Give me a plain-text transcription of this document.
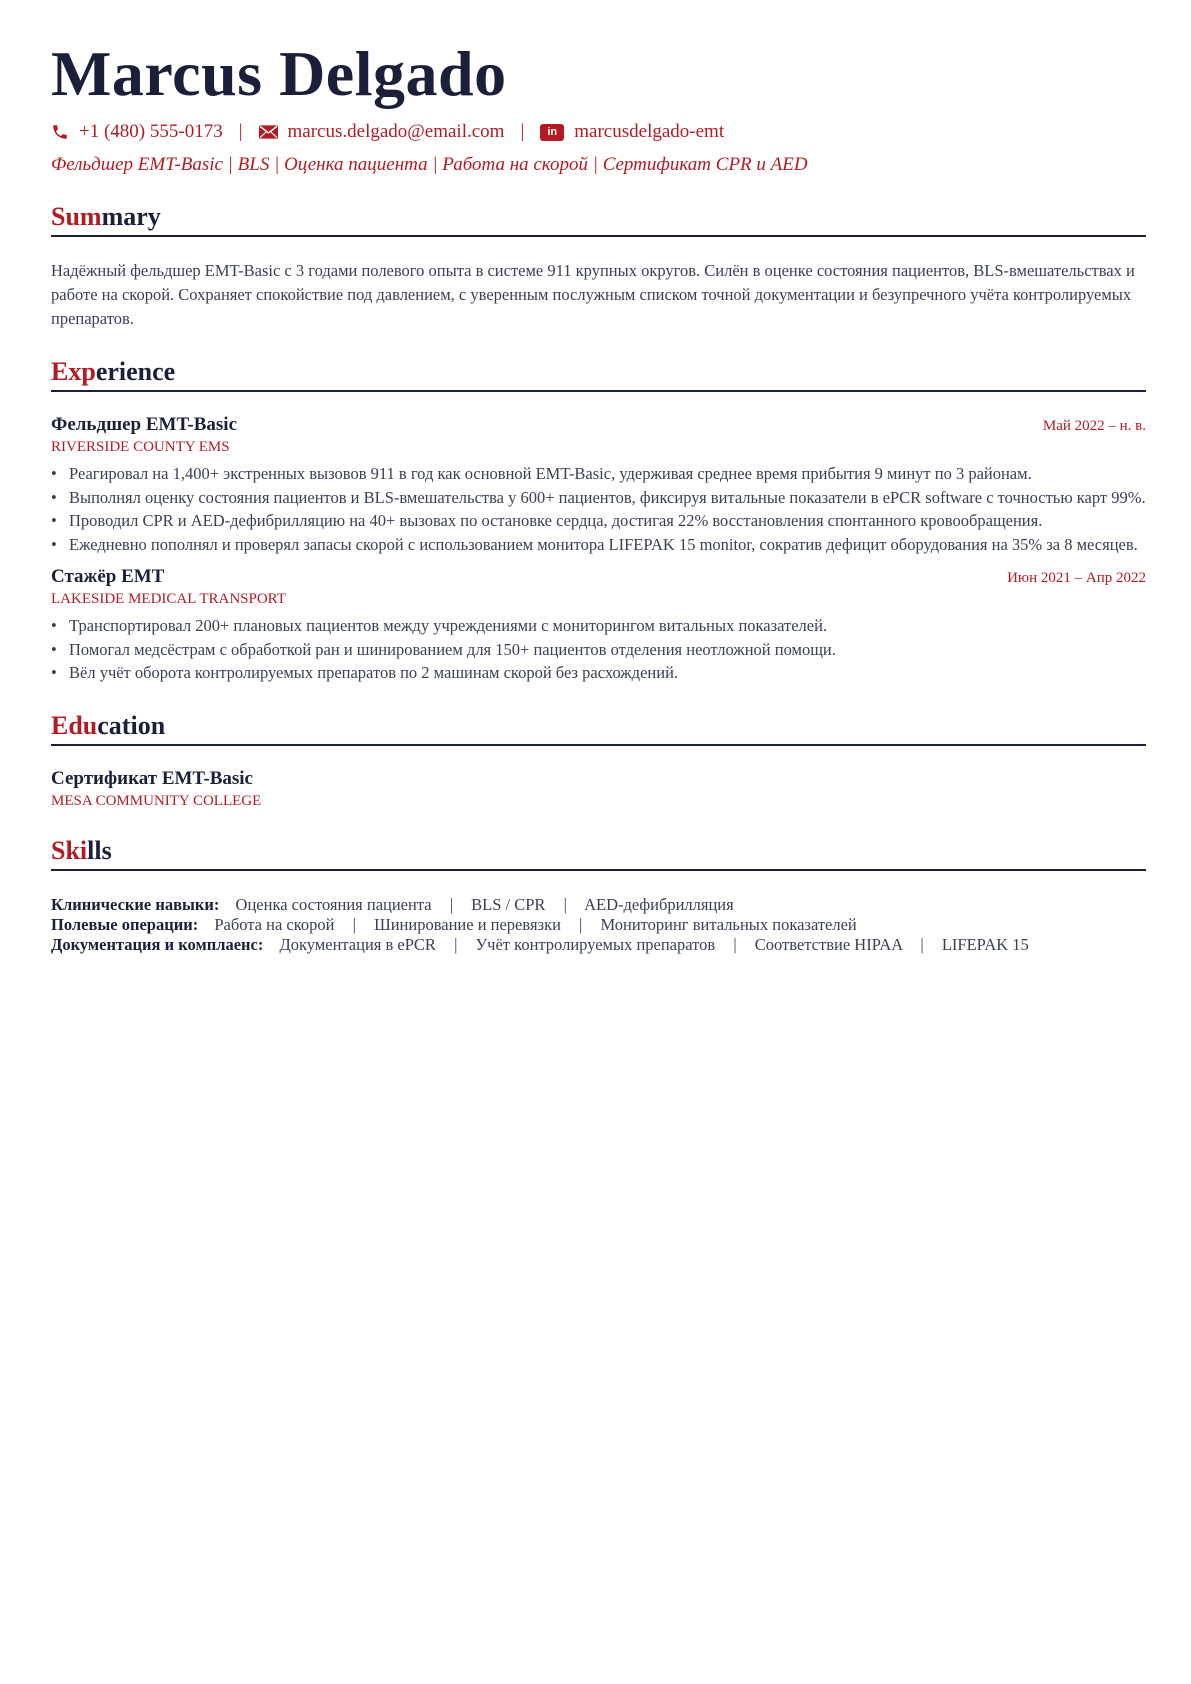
Marcus Delgado
+1 (480) 555-0173 | marcus.delgado@email.com |	in marcusdelgado-emt
Фельдшер EMT-Basic | BLS | Оценка пациента | Работа на скорой | Сертификат CPR и AED
Summary

Надёжный фельдшер EMT-Basic с 3 годами полевого опыта в системе 911 крупных округов. Силён в оценке состояния пациентов, BLS-вмешательствах и работе на скорой. Сохраняет спокойствие под давлением, с уверенным послужным списком точной документации и безупречного учёта контролируемых препаратов.

Experience
Фельдшер EMT-Basic	Май 2022 – н. в.
RIVERSIDE COUNTY EMS
• Реагировал на 1,400+ экстренных вызовов 911 в год как основной EMT-Basic, удерживая среднее время прибытия 9 минут по 3 районам.
• Выполнял оценку состояния пациентов и BLS-вмешательства у 600+ пациентов, фиксируя витальные показатели в ePCR software с точностью карт 99%.
• Проводил CPR и AED-дефибрилляцию на 40+ вызовах по остановке сердца, достигая 22% восстановления спонтанного кровообращения.
• Ежедневно пополнял и проверял запасы скорой с использованием монитора LIFEPAK 15 monitor, сократив дефицит оборудования на 35% за 8 месяцев.
Стажёр EMT	Июн 2021 – Апр 2022
LAKESIDE MEDICAL TRANSPORT
• Транспортировал 200+ плановых пациентов между учреждениями с мониторингом витальных показателей.
• Помогал медсёстрам с обработкой ран и шинированием для 150+ пациентов отделения неотложной помощи.
• Вёл учёт оборота контролируемых препаратов по 2 машинам скорой без расхождений.
Education
Сертификат EMT-Basic
MESA COMMUNITY COLLEGE
Skills
Клинические навыки: Оценка состояния пациента | BLS / CPR | AED-дефибрилляция
Полевые операции: Работа на скорой | Шинирование и перевязки | Мониторинг витальных показателей
Документация и комплаенс: Документация в ePCR | Учёт контролируемых препаратов | Соответствие HIPAA | LIFEPAK 15
